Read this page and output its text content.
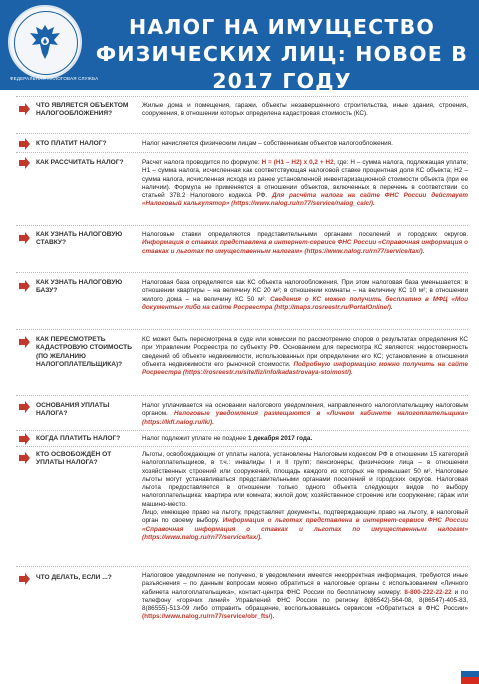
ФЕДЕРАЛЬНАЯ НАЛОГОВАЯ СЛУЖБА
НАЛОГ НА ИМУЩЕСТВО ФИЗИЧЕСКИХ ЛИЦ: НОВОЕ В 2017 ГОДУ
ЧТО ЯВЛЯЕТСЯ ОБЪЕКТОМ НАЛОГООБЛОЖЕНИЯ?
Жилые дома и помещения, гаражи, объекты незавершенного строительства, иные здания, строения, сооружения, в отношении которых определена кадастровая стоимость (КС).
КТО ПЛАТИТ НАЛОГ?	Налог начисляется физическим лицам – собственникам объектов налогообложения.
КАК РАССЧИТАТЬ НАЛОГ?	Расчет налога проводится по формуле: Н = (Н1 – Н2) х 0,2 + Н2, где: Н – сумма налога, подлежащая уплате; Н1 – сумма налога, исчисленная как соответствующая налоговой ставке процентная доля КС объекта; Н2 – сумма налога, исчисленная исходя из ранее установленной инвентаризационной стоимости объекта (при ее наличии). Формула не применяется в отношении объектов, включенных в перечень в соответствии со статьей 378.2 Налогового кодекса РФ. Для расчёта налога на сайте ФНС России действует «Налоговый калькулятор» (https://www.nalog.ru/rn77/service/nalog_calc/).
КАК УЗНАТЬ НАЛОГОВУЮ СТАВКУ?
Налоговые ставки определяются представительными органами поселений и городских округов. Информация о ставках представлена в интернет-сервисе ФНС России «Справочная информация о ставках и льготах по имущественным налогам» (https://www.nalog.ru/rn77/service/tax/).
КАК УЗНАТЬ НАЛОГОВУЮ БАЗУ?
Налоговая база определяется как КС объекта налогообложения. При этом налоговая база уменьшается: в отношении квартиры – на величину КС 20 м²; в отношении комнаты – на величину КС 10 м²; в отношении жилого дома – на величину КС 50 м². Сведения о КС можно получить бесплатно в МФЦ «Мои документы» либо на сайте Росреестра (http://maps.rosreestr.ru/PortalOnline/).
КАК ПЕРЕСМОТРЕТЬ КАДАСТРОВУЮ СТОИМОСТЬ (ПО ЖЕЛАНИЮ НАЛОГОПЛАТЕЛЬЩИКА)?
КС может быть пересмотрена в суде или комиссии по рассмотрению споров о результатах определения КС при Управлении Росреестра по субъекту РФ. Основанием для пересмотра КС являются: недостоверность сведений об объекте недвижимости, использованных при определении его КС; установление в отношении объекта недвижимости его рыночной стоимости. Подробную информацию можно получить на сайте Росреестра (https://rosreestr.ru/site/fiz/info/kadastrovaya-stoimost/).
ОСНОВАНИЯ УПЛАТЫ НАЛОГА?
Налог уплачивается на основании налогового уведомления, направленного налогоплательщику налоговым органом. Налоговые уведомления размещаются в «Личном кабинете налогоплательщика» (https://lkfl.nalog.ru/lk/).
КОГДА ПЛАТИТЬ НАЛОГ?	Налог подлежит уплате не позднее 1 декабря 2017 года.
КТО ОСВОБОЖДЁН ОТ УПЛАТЫ НАЛОГА?
Льготы, освобождающие от уплаты налога, установлены Налоговым кодексом РФ в отношении 15 категорий налогоплательщиков, в т.ч.: инвалиды I и II групп; пенсионеры; физические лица – в отношении хозяйственных строений или сооружений, площадь каждого из которых не превышает 50 м². Налоговые льготы могут устанавливаться представительными органами поселений и городских округов. Налоговая льгота предоставляется в отношении только одного объекта следующих видов по выбору налогоплательщика: квартира или комната; жилой дом; хозяйственное строение или сооружение; гараж или машино-место.
Лицо, имеющее право на льготу, представляет документы, подтверждающие право на льготу, в налоговый орган по своему выбору. Информация о льготах представлена в интернет-сервисе ФНС России «Справочная информация о ставках и льготах по имущественным налогам» (https://www.nalog.ru/rn77/service/tax/).
ЧТО ДЕЛАТЬ, ЕСЛИ ...?	Налоговое уведомление не получено, в уведомлении имеется некорректная информация, требуются иные разъяснения – по данным вопросам можно обратиться в налоговые органы с использованием «Личного кабинета налогоплательщика», контакт-центра ФНС России по бесплатному номеру: 8-800-222-22-22 и по телефону «горячих линий» Управлений ФНС России по региону 8(86542)-564-08, 8(86547)-405-83, 8(86555)-513-09 либо отправить обращение, воспользовавшись сервисом «Обратиться в ФНС России» (https://www.nalog.ru/rn77/service/obr_fts/).
